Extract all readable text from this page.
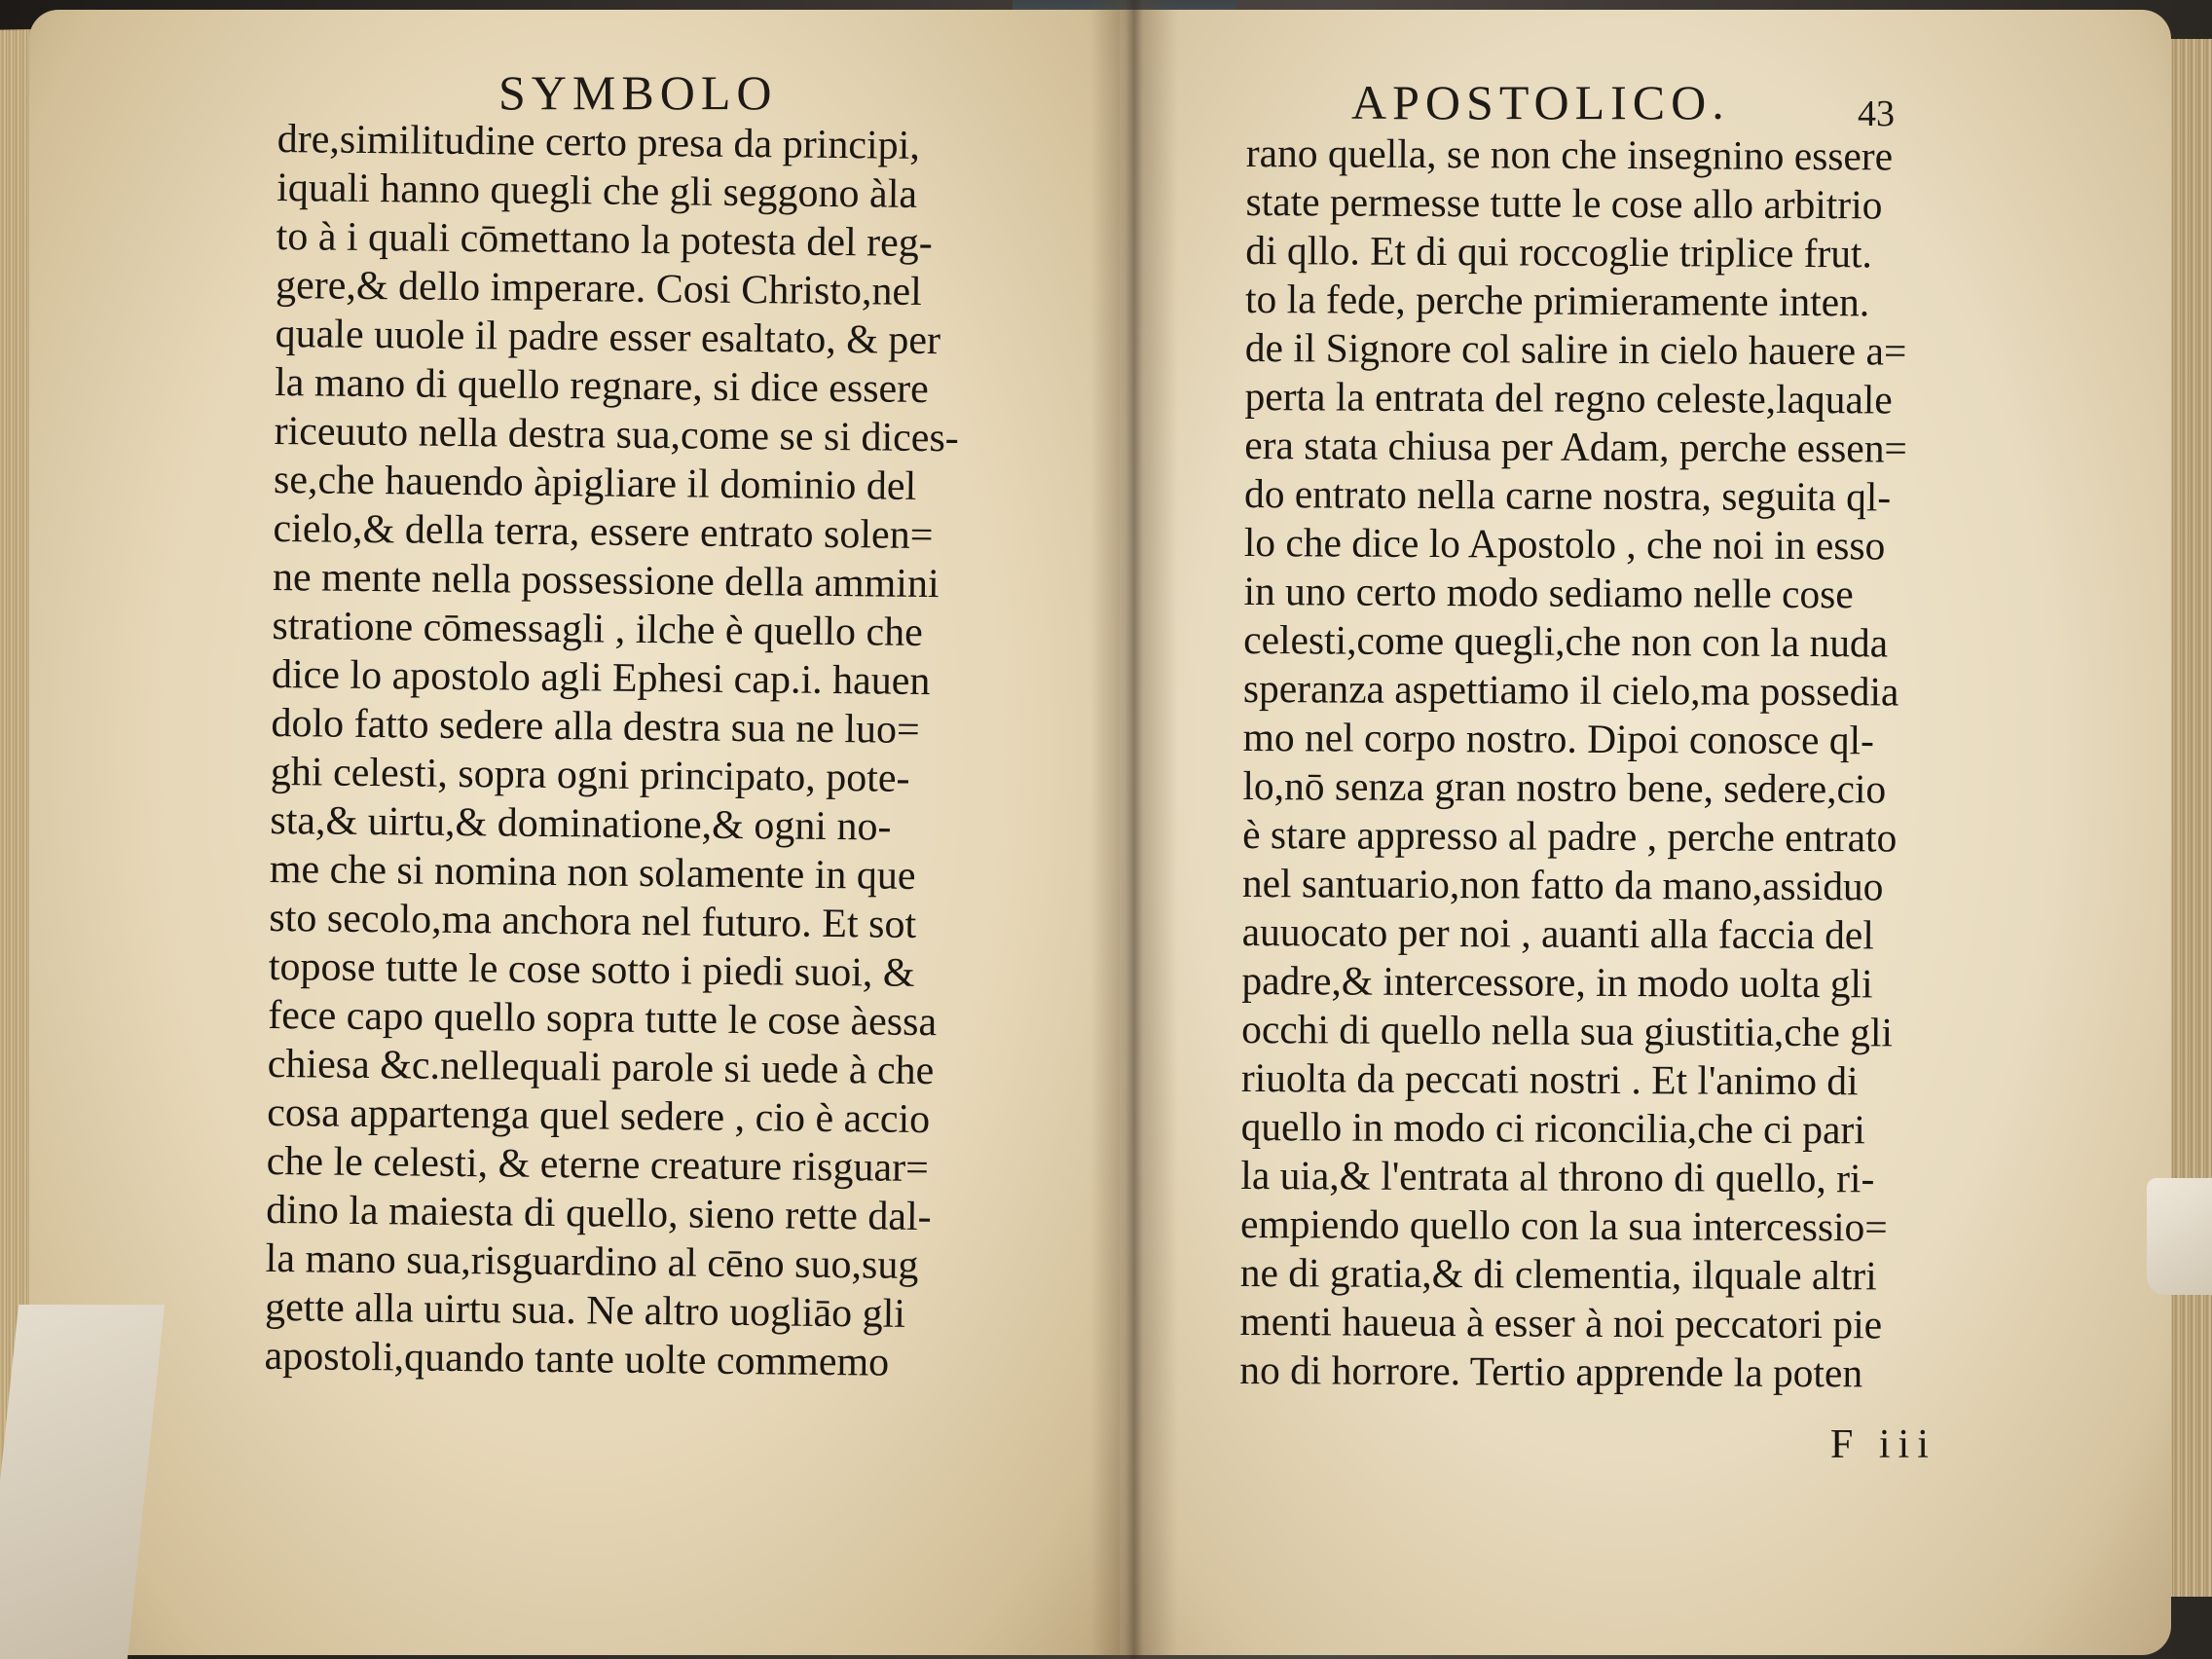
SYMBOLO	APOSTOLICO.	43
dre,similitudine certo presa da principi,
iquali hanno quegli che gli seggono àla
to à i quali cōmettano la potesta del reg-
gere,& dello imperare. Cosi Christo,nel
quale uuole il padre esser esaltato, & per
la mano di quello regnare, si dice essere
riceuuto nella destra sua,come se si dices-
se,che hauendo àpigliare il dominio del
cielo,& della terra, essere entrato solen=
ne mente nella possessione della ammini
stratione cōmessagli , ilche è quello che
dice lo apostolo agli Ephesi cap.i. hauen
dolo fatto sedere alla destra sua ne luo=
ghi celesti, sopra ogni principato, pote-
sta,& uirtu,& dominatione,& ogni no-
me che si nomina non solamente in que
sto secolo,ma anchora nel futuro. Et sot
topose tutte le cose sotto i piedi suoi, &
fece capo quello sopra tutte le cose àessa
chiesa &c.nellequali parole si uede à che
cosa appartenga quel sedere , cio è accio
che le celesti, & eterne creature risguar=
dino la maiesta di quello, sieno rette dal-
la mano sua,risguardino al cēno suo,sug
gette alla uirtu sua. Ne altro uogliāo gli
apostoli,quando tante uolte commemo
rano quella, se non che insegnino essere
state permesse tutte le cose allo arbitrio
di qllo. Et di qui roccoglie triplice frut.
to la fede, perche primieramente inten.
de il Signore col salire in cielo hauere a=
perta la entrata del regno celeste,laquale
era stata chiusa per Adam, perche essen=
do entrato nella carne nostra, seguita ql-
lo che dice lo Apostolo , che noi in esso
in uno certo modo sediamo nelle cose
celesti,come quegli,che non con la nuda
speranza aspettiamo il cielo,ma possedia
mo nel corpo nostro. Dipoi conosce ql-
lo,nō senza gran nostro bene, sedere,cio
è stare appresso al padre , perche entrato
nel santuario,non fatto da mano,assiduo
auuocato per noi , auanti alla faccia del
padre,& intercessore, in modo uolta gli
occhi di quello nella sua giustitia,che gli
riuolta da peccati nostri . Et l'animo di
quello in modo ci riconcilia,che ci pari
la uia,& l'entrata al throno di quello, ri-
empiendo quello con la sua intercessio=
ne di gratia,& di clementia, ilquale altri
menti haueua à esser à noi peccatori pie
no di horrore. Tertio apprende la poten
F iii
